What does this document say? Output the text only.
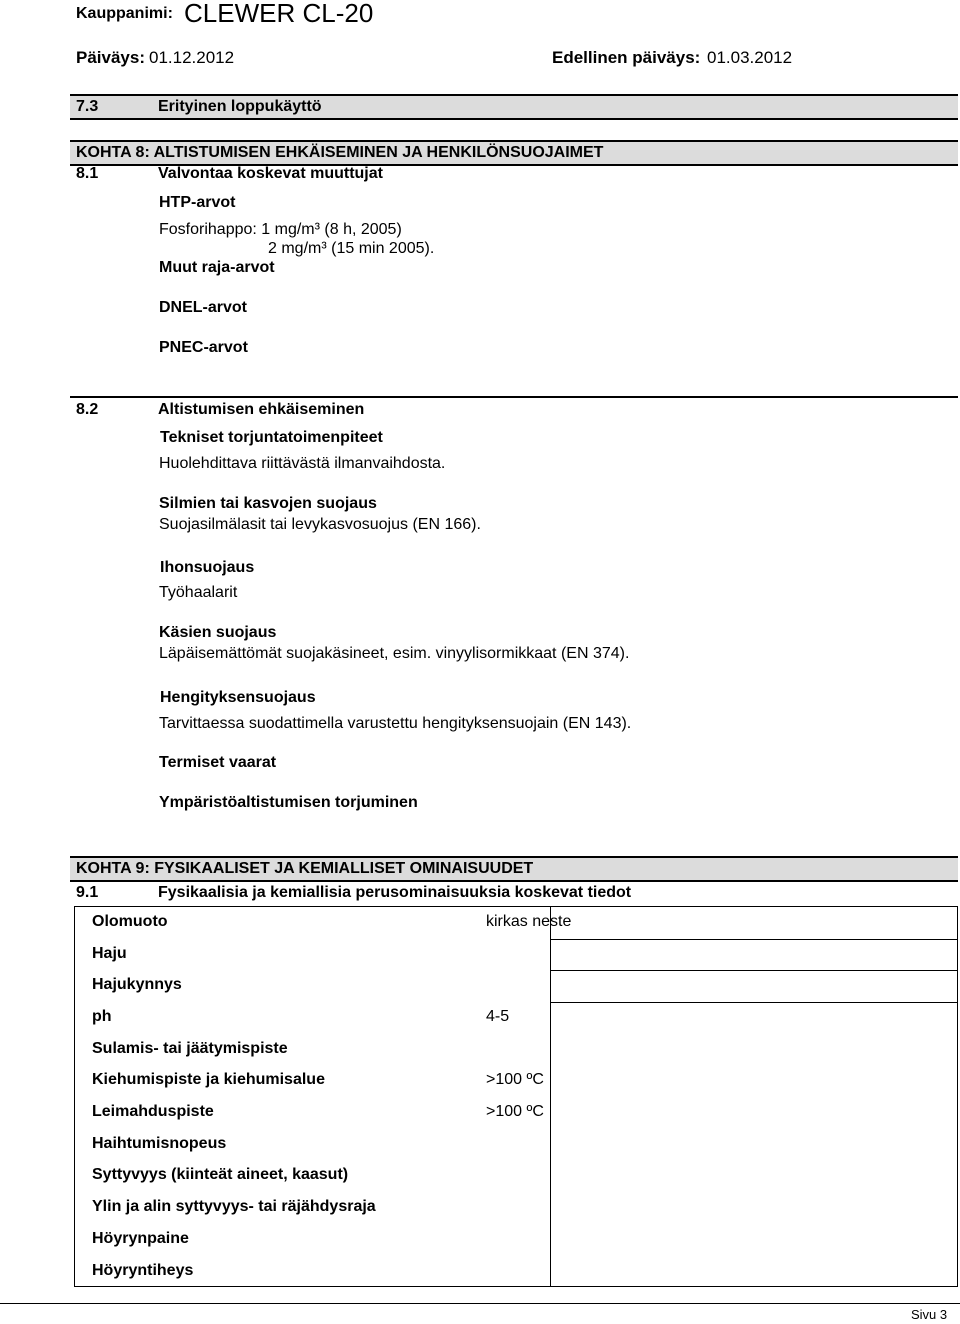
Kauppanimi: CLEWER CL-20
Päiväys: 01.12.2012	Edellinen päiväys: 01.03.2012
7.3	Erityinen loppukäyttö
KOHTA 8: ALTISTUMISEN EHKÄISEMINEN JA HENKILÖNSUOJAIMET
8.1	Valvontaa koskevat muuttujat
HTP-arvot
Fosforihappo: 1 mg/m³ (8 h, 2005)
2 mg/m³ (15 min 2005).
Muut raja-arvot
DNEL-arvot
PNEC-arvot
8.2	Altistumisen ehkäiseminen
Tekniset torjuntatoimenpiteet
Huolehdittava riittävästä ilmanvaihdosta.
Silmien tai kasvojen suojaus
Suojasilmälasit tai levykasvosuojus (EN 166).
Ihonsuojaus
Työhaalarit
Käsien suojaus
Läpäisemättömät suojakäsineet, esim. vinyylisormikkaat (EN 374).
Hengityksensuojaus
Tarvittaessa suodattimella varustettu hengityksensuojain (EN 143).
Termiset vaarat
Ympäristöaltistumisen torjuminen
KOHTA 9: FYSIKAALISET JA KEMIALLISET OMINAISUUDET
9.1	Fysikaalisia ja kemiallisia perusominaisuuksia koskevat tiedot
Olomuoto	kirkas neste
Haju
Hajukynnys
ph	4-5
Sulamis- tai jäätymispiste
Kiehumispiste ja kiehumisalue	>100 ºC
Leimahduspiste	>100 ºC
Haihtumisnopeus
Syttyvyys (kiinteät aineet, kaasut)
Ylin ja alin syttyvyys- tai räjähdysraja
Höyrynpaine
Höyryntiheys
Sivu 3
